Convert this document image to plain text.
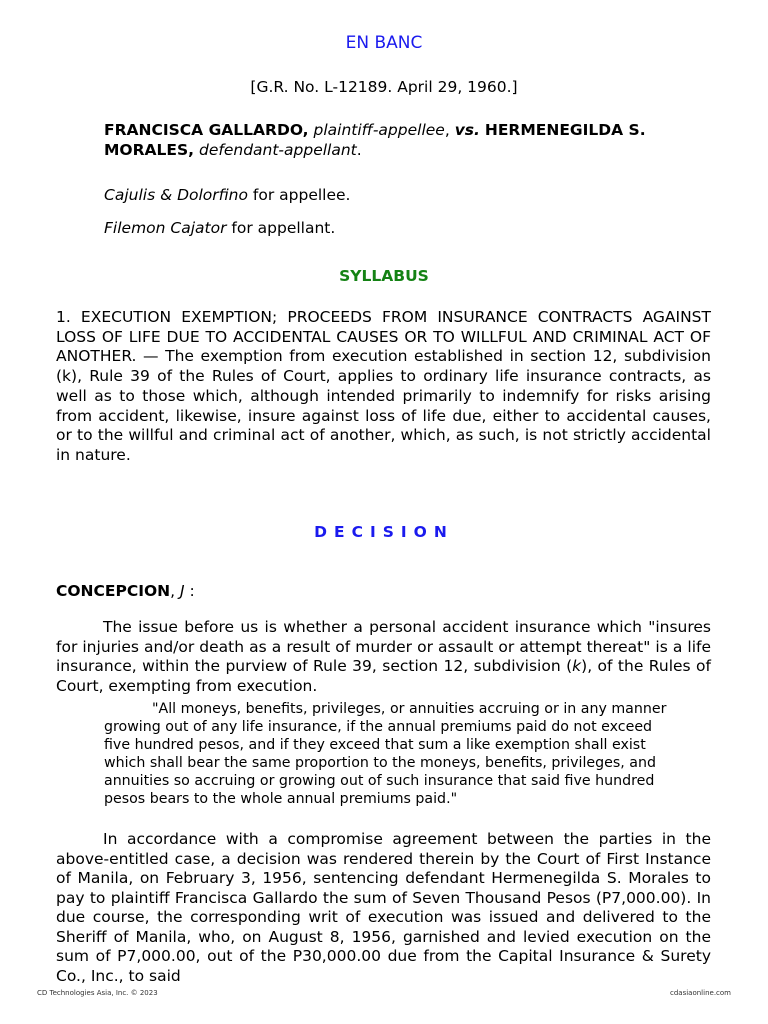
EN BANC
[G.R. No. L-12189. April 29, 1960.]
FRANCISCA GALLARDO, plaintiff-appellee, vs. HERMENEGILDA S. MORALES, defendant-appellant.
Cajulis & Dolorfino for appellee.
Filemon Cajator for appellant.
SYLLABUS
1. EXECUTION EXEMPTION; PROCEEDS FROM INSURANCE CONTRACTS AGAINST LOSS OF LIFE DUE TO ACCIDENTAL CAUSES OR TO WILLFUL AND CRIMINAL ACT OF ANOTHER. — The exemption from execution established in section 12, subdivision (k), Rule 39 of the Rules of Court, applies to ordinary life insurance contracts, as well as to those which, although intended primarily to indemnify for risks arising from accident, likewise, insure against loss of life due, either to accidental causes, or to the willful and criminal act of another, which, as such, is not strictly accidental in nature.
DECISION
CONCEPCION, J :
The issue before us is whether a personal accident insurance which "insures for injuries and/or death as a result of murder or assault or attempt thereat" is a life insurance, within the purview of Rule 39, section 12, subdivision (k), of the Rules of Court, exempting from execution.
"All moneys, benefits, privileges, or annuities accruing or in any manner growing out of any life insurance, if the annual premiums paid do not exceed five hundred pesos, and if they exceed that sum a like exemption shall exist which shall bear the same proportion to the moneys, benefits, privileges, and annuities so accruing or growing out of such insurance that said five hundred pesos bears to the whole annual premiums paid."
In accordance with a compromise agreement between the parties in the above-entitled case, a decision was rendered therein by the Court of First Instance of Manila, on February 3, 1956, sentencing defendant Hermenegilda S. Morales to pay to plaintiff Francisca Gallardo the sum of Seven Thousand Pesos (P7,000.00). In due course, the corresponding writ of execution was issued and delivered to the Sheriff of Manila, who, on August 8, 1956, garnished and levied execution on the sum of P7,000.00, out of the P30,000.00 due from the Capital Insurance & Surety Co., Inc., to said
CD Technologies Asia, Inc. © 2023	cdasiaonline.com
